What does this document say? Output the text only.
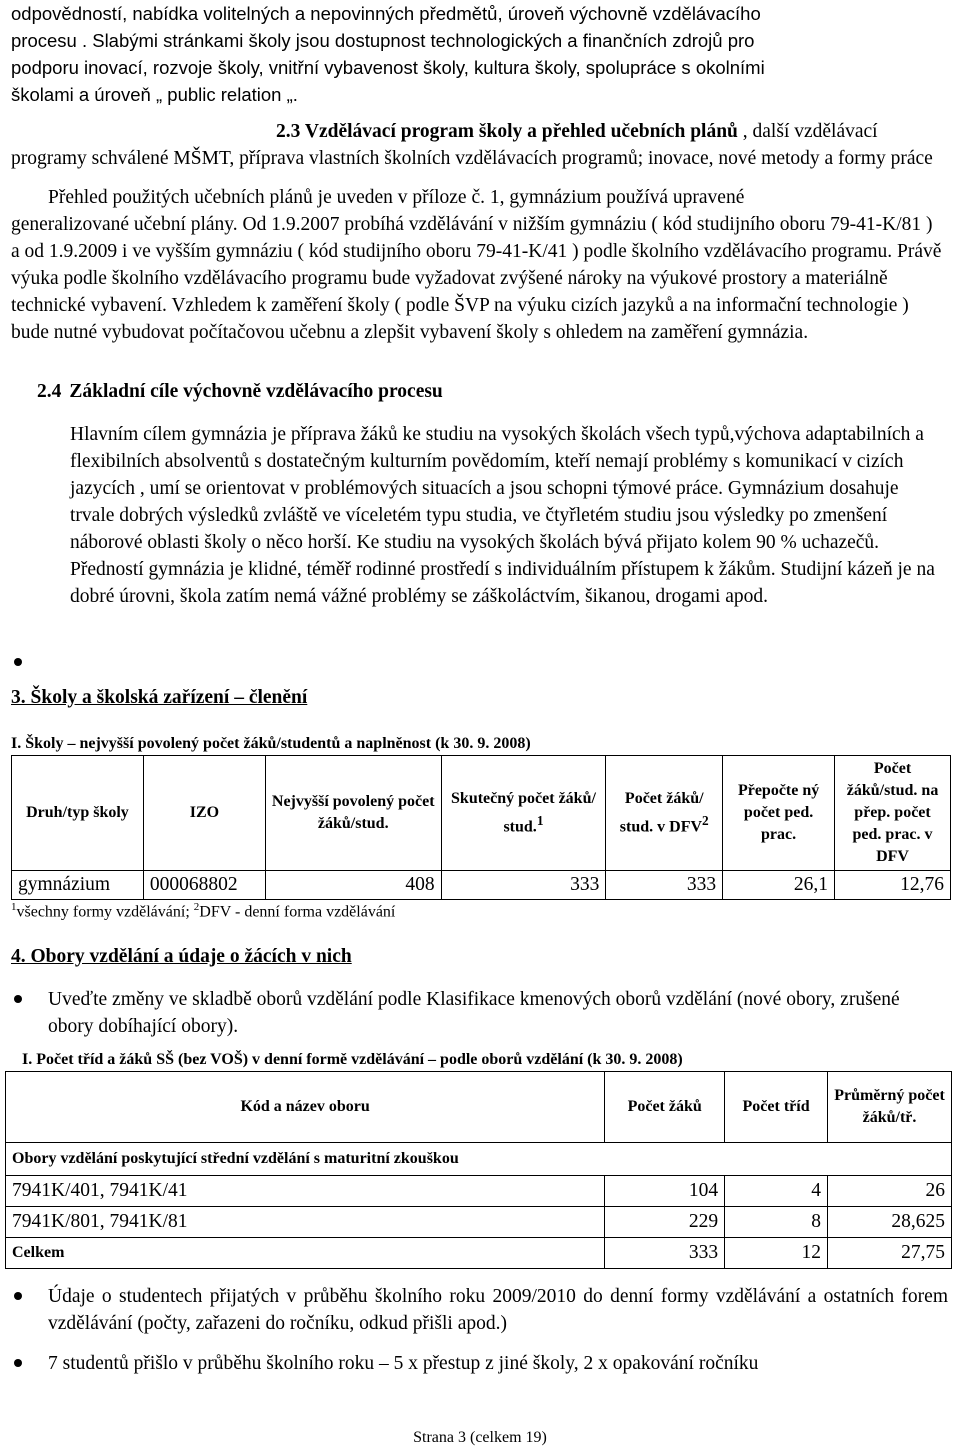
odpovědností, nabídka volitelných a nepovinných předmětů, úroveň výchovně vzdělávacího
procesu . Slabými stránkami školy jsou dostupnost technologických a finančních zdrojů pro
podporu inovací, rozvoje školy, vnitřní vybavenost školy, kultura školy, spolupráce s okolními
školami a úroveň „ public relation „.
2.3 Vzdělávací program školy a přehled učebních plánů , další vzdělávací programy schválené MŠMT, příprava vlastních školních vzdělávacích programů; inovace, nové metody a formy práce
Přehled použitých učebních plánů je uveden v příloze č. 1, gymnázium používá upravené
generalizované učební plány. Od 1.9.2007 probíhá vzdělávání v nižším gymnáziu ( kód studijního oboru 79-41-K/81 ) a od 1.9.2009 i ve vyšším gymnáziu ( kód studijního oboru 79-41-K/41 ) podle školního vzdělávacího programu. Právě výuka podle školního vzdělávacího programu bude vyžadovat zvýšené nároky na výukové prostory a materiálně technické vybavení. Vzhledem k zaměření školy ( podle ŠVP na výuku cizích jazyků a na informační technologie ) bude nutné vybudovat počítačovou učebnu a zlepšit vybavení školy s ohledem na zaměření gymnázia.
2.4 Základní cíle výchovně vzdělávacího procesu
Hlavním cílem gymnázia je příprava žáků ke studiu na vysokých školách všech typů,výchova adaptabilních a flexibilních absolventů s dostatečným kulturním povědomím, kteří nemají problémy s komunikací v cizích jazycích , umí se orientovat v problémových situacích a jsou schopni týmové práce. Gymnázium dosahuje trvale dobrých výsledků zvláště ve víceletém typu studia, ve čtyřletém studiu jsou výsledky po zmenšení náborové oblasti školy o něco horší. Ke studiu na vysokých školách bývá přijato kolem 90 % uchazečů. Předností gymnázia je klidné, téměř rodinné prostředí s individuálním přístupem k žákům. Studijní kázeň je na dobré úrovni, škola zatím nemá vážné problémy se záškoláctvím, šikanou, drogami apod.
3. Školy a školská zařízení – členění
I. Školy – nejvyšší povolený počet žáků/studentů a naplněnost (k 30. 9. 2008)
Druh/typ školy	IZO	Nejvyšší povolený počet žáků/stud.	Skutečný počet žáků/ stud.$^1$	Počet žáků/ stud. v DFV$^2$	Přepočte ný počet ped. prac.	Počet žáků/stud. na přep. počet ped. prac. v DFV
gymnázium	000068802	408	333	333	26,1	12,76
$^1$všechny formy vzdělávání; $^2$DFV - denní forma vzdělávání
4. Obory vzdělání a údaje o žácích v nich
Uveďte změny ve skladbě oborů vzdělání podle Klasifikace kmenových oborů vzdělání (nové obory, zrušené obory dobíhající obory).
I. Počet tříd a žáků SŠ (bez VOŠ) v denní formě vzdělávání – podle oborů vzdělání (k 30. 9. 2008)
Kód a název oboru	Počet žáků	Počet tříd	Průměrný počet žáků/tř.
Obory vzdělání poskytující střední vzdělání s maturitní zkouškou			
7941K/401, 7941K/41	104	4	26
7941K/801, 7941K/81	229	8	28,625
Celkem	333	12	27,75
Údaje o studentech přijatých v průběhu školního roku 2009/2010 do denní formy vzdělávání a ostatních forem vzdělávání (počty, zařazeni do ročníku, odkud přišli apod.)
7 studentů přišlo v průběhu školního roku – 5 x přestup z jiné školy, 2 x opakování ročníku
Strana 3 (celkem 19)
